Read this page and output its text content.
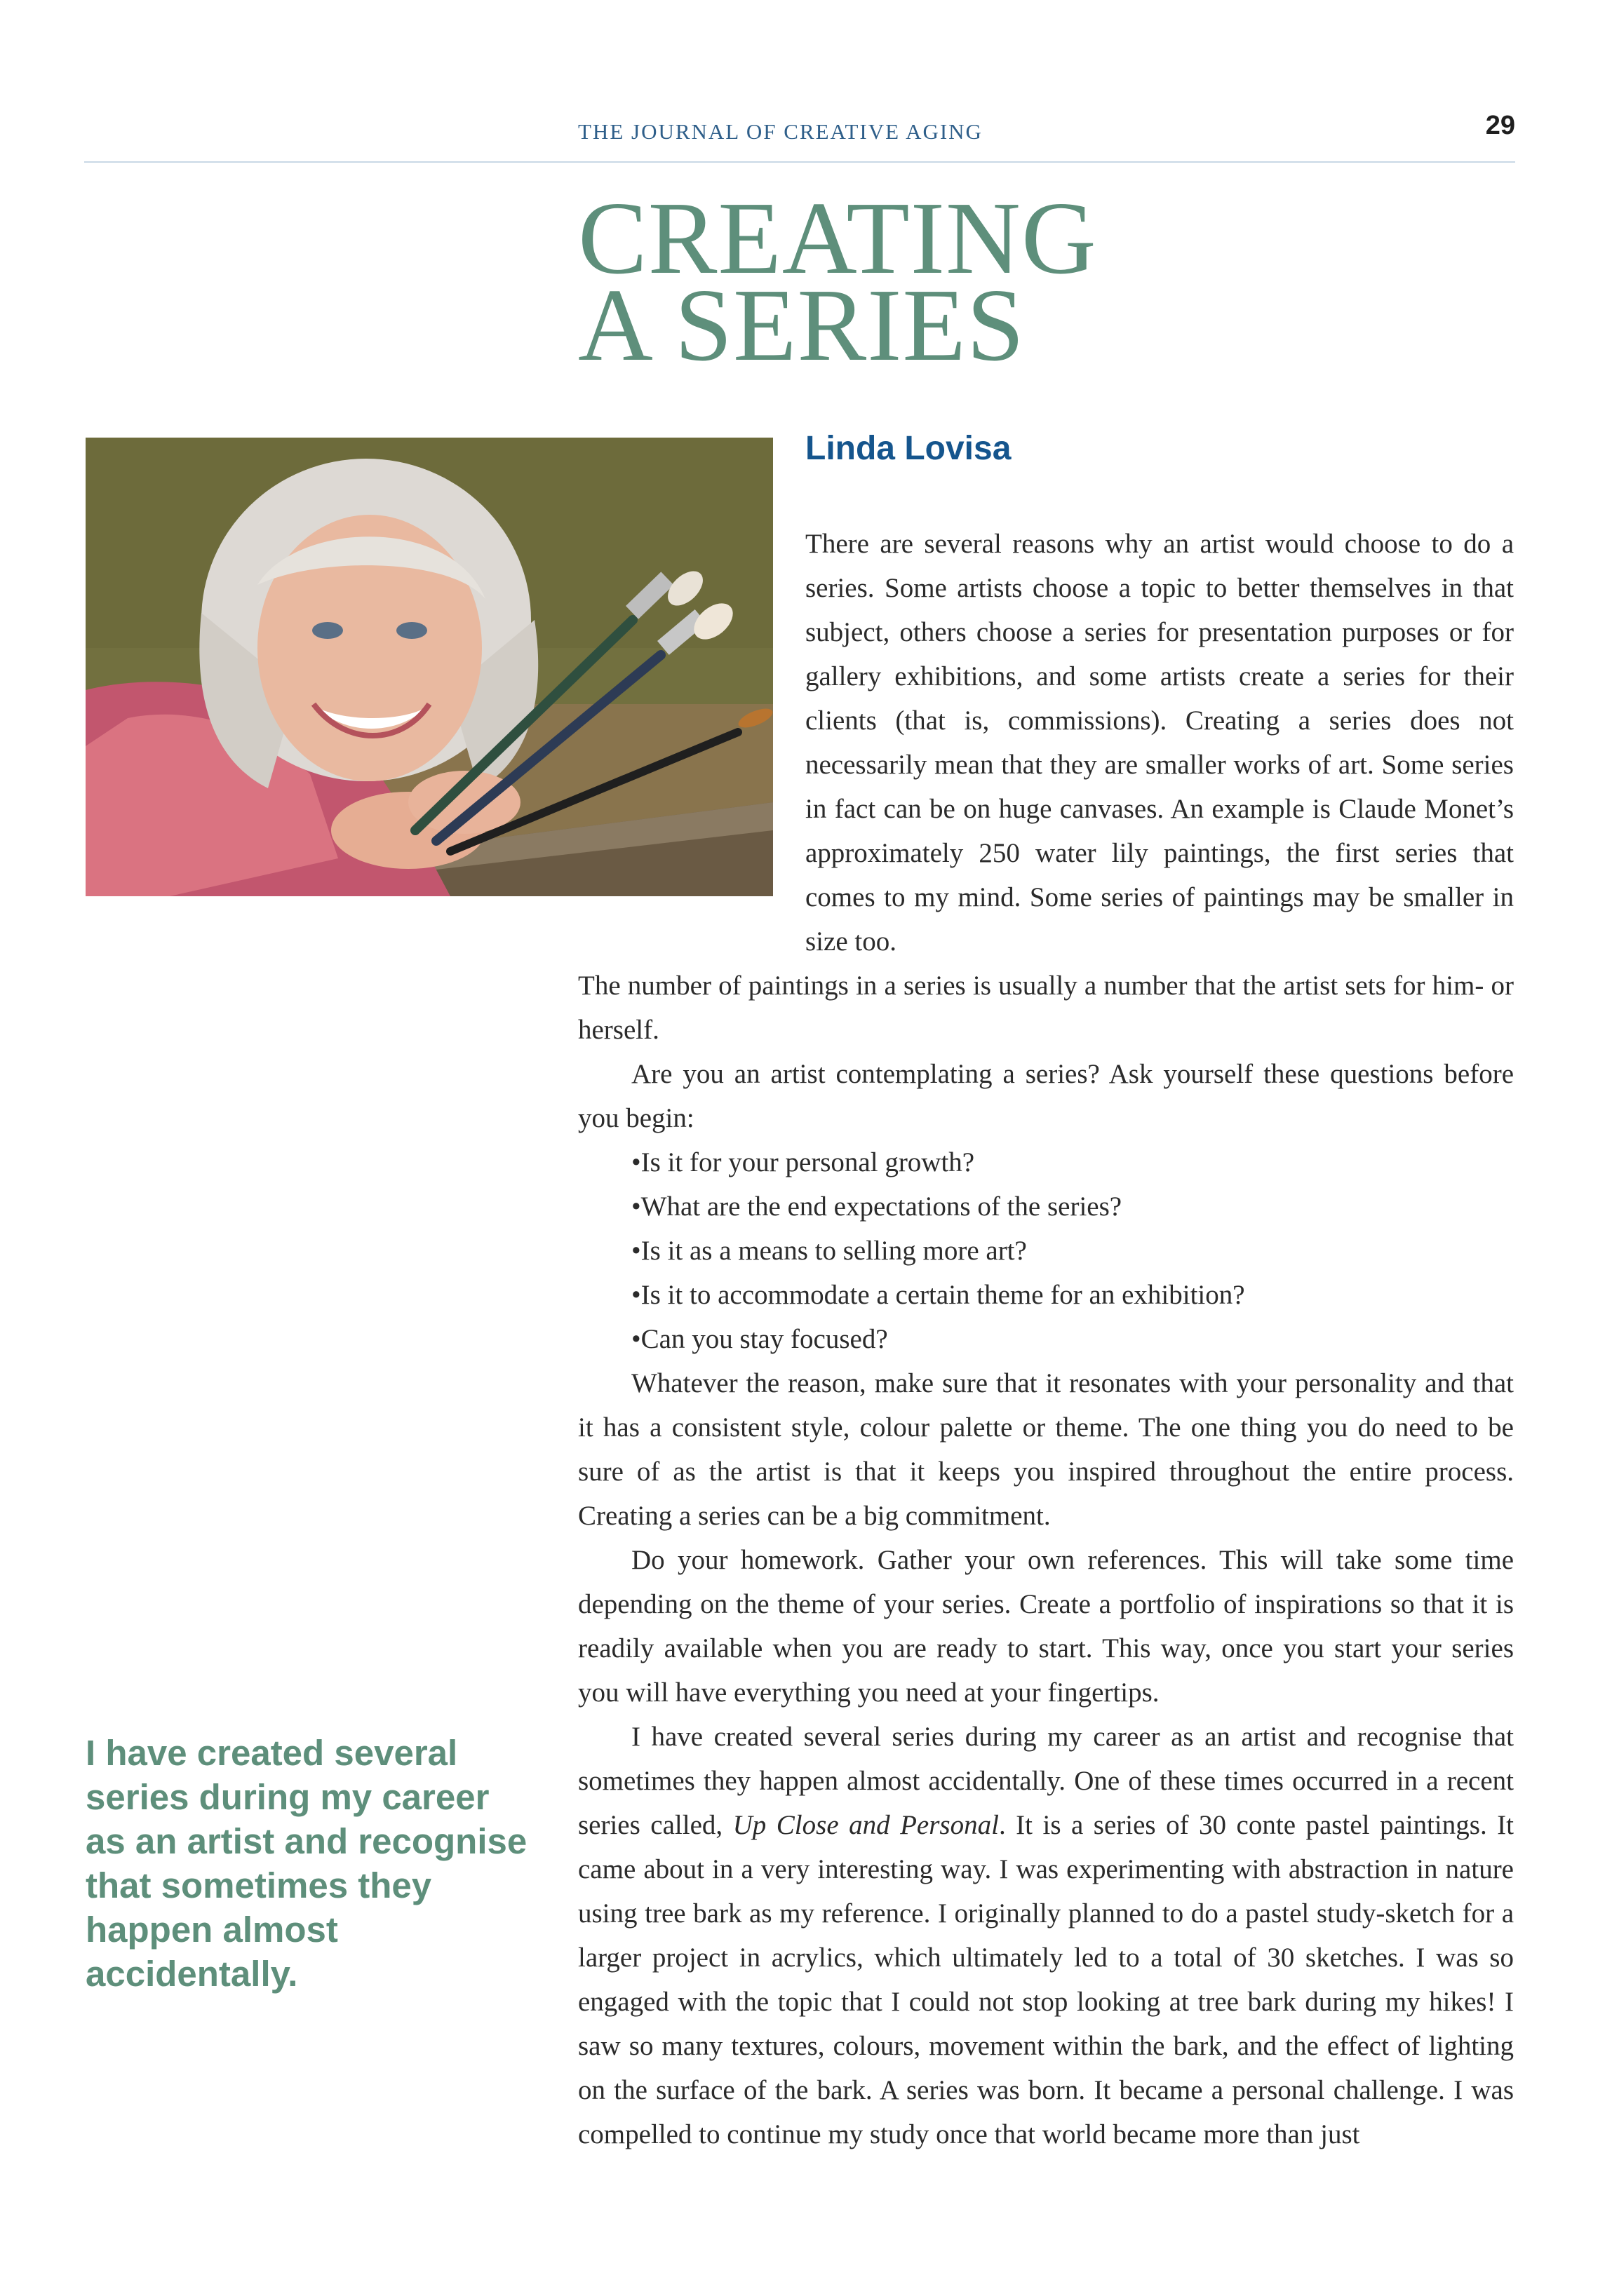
THE JOURNAL OF CREATIVE AGING	29
CREATING
A SERIES
Linda Lovisa

There are several reasons why an artist would choose to do a series. Some artists choose a topic to better themselves in that subject, others choose a series for presentation purposes or for gallery exhibitions, and some artists create a series for their clients (that is, commissions). Creating a series does not necessarily mean that they are smaller works of art. Some series in fact can be on huge canvases. An example is Claude Monet’s approximately 250 water lily paintings, the first series that comes to my mind. Some series of paintings may be smaller in size too.

The number of paintings in a series is usually a number that the artist sets for him- or herself.

Are you an artist contemplating a series? Ask yourself these questions before you begin:

• Is it for your personal growth?

• What are the end expectations of the series?

• Is it as a means to selling more art?

• Is it to accommodate a certain theme for an exhibition?

• Can you stay focused?

Whatever the reason, make sure that it resonates with your personality and that it has a consistent style, colour palette or theme. The one thing you do need to be sure of as the artist is that it keeps you inspired throughout the entire process. Creating a series can be a big commitment.

Do your homework. Gather your own references. This will take some time depending on the theme of your series. Create a portfolio of inspirations so that it is readily available when you are ready to start. This way, once you start your series you will have everything you need at your fingertips.

I have created several series during my career as an artist and recognise that sometimes they happen almost accidentally. One of these times occurred in a recent series called, Up Close and Personal. It is a series of 30 conte pastel paintings. It came about in a very interesting way. I was experimenting with abstraction in nature using tree bark as my reference. I originally planned to do a pastel study-sketch for a larger project in acrylics, which ultimately led to a total of 30 sketches. I was so engaged with the topic that I could not stop looking at tree bark during my hikes! I saw so many textures, colours, movement within the bark, and the effect of lighting on the surface of the bark. A series was born. It became a personal challenge. I was compelled to continue my study once that world became more than just

I have created several series during my career as an artist and recognise that sometimes they happen almost accidentally.
